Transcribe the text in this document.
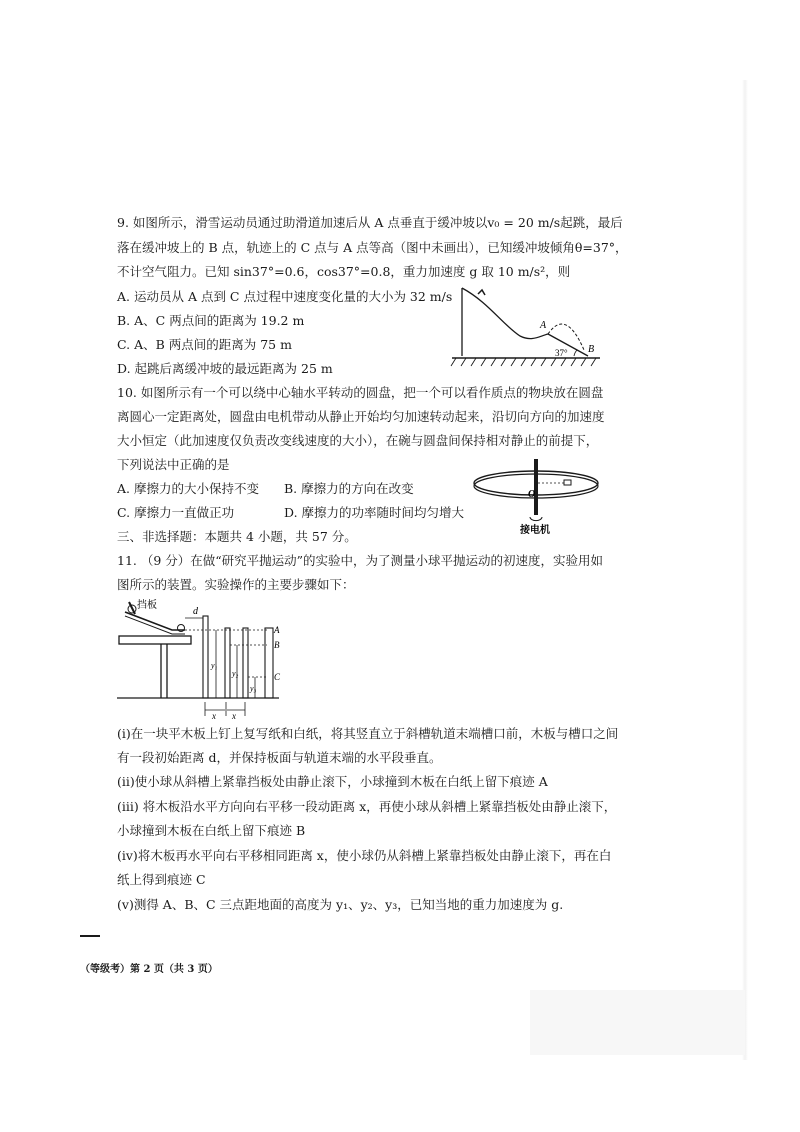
9. 如图所示，滑雪运动员通过助滑道加速后从 A 点垂直于缓冲坡以v₀ = 20 m/s起跳，最后
落在缓冲坡上的 B 点，轨迹上的 C 点与 A 点等高（图中未画出），已知缓冲坡倾角θ=37°，
不计空气阻力。已知 sin37°=0.6，cos37°=0.8，重力加速度 g 取 10 m/s²，则
A. 运动员从 A 点到 C 点过程中速度变化量的大小为 32 m/s
B. A、C 两点间的距离为 19.2 m
C. A、B 两点间的距离为 75 m
D. 起跳后离缓冲坡的最远距离为 25 m
A
B
37°
10. 如图所示有一个可以绕中心轴水平转动的圆盘，把一个可以看作质点的物块放在圆盘
离圆心一定距离处，圆盘由电机带动从静止开始均匀加速转动起来，沿切向方向的加速度
大小恒定（此加速度仅负责改变线速度的大小），在碗与圆盘间保持相对静止的前提下，
下列说法中正确的是
A. 摩擦力的大小保持不变 B. 摩擦力的方向在改变
C. 摩擦力一直做正功	D. 摩擦力的功率随时间均匀增大
O
接电机
三、非选择题：本题共 4 小题，共 57 分。
11. （9 分）在做“研究平抛运动”的实验中，为了测量小球平抛运动的初速度，实验用如
图所示的装置。实验操作的主要步骤如下：
挡板
d
x x
A
B
C
y₁
y₂
y₃
(i)在一块平木板上钉上复写纸和白纸，将其竖直立于斜槽轨道末端槽口前，木板与槽口之间
有一段初始距离 d，并保持板面与轨道末端的水平段垂直。
(ii)使小球从斜槽上紧靠挡板处由静止滚下，小球撞到木板在白纸上留下痕迹 A
(iii) 将木板沿水平方向向右平移一段动距离 x，再使小球从斜槽上紧靠挡板处由静止滚下，
小球撞到木板在白纸上留下痕迹 B
(iv)将木板再水平向右平移相同距离 x，使小球仍从斜槽上紧靠挡板处由静止滚下，再在白
纸上得到痕迹 C
(v)测得 A、B、C 三点距地面的高度为 y₁、y₂、y₃，已知当地的重力加速度为 g.
（等级考）第 2 页（共 3 页）
